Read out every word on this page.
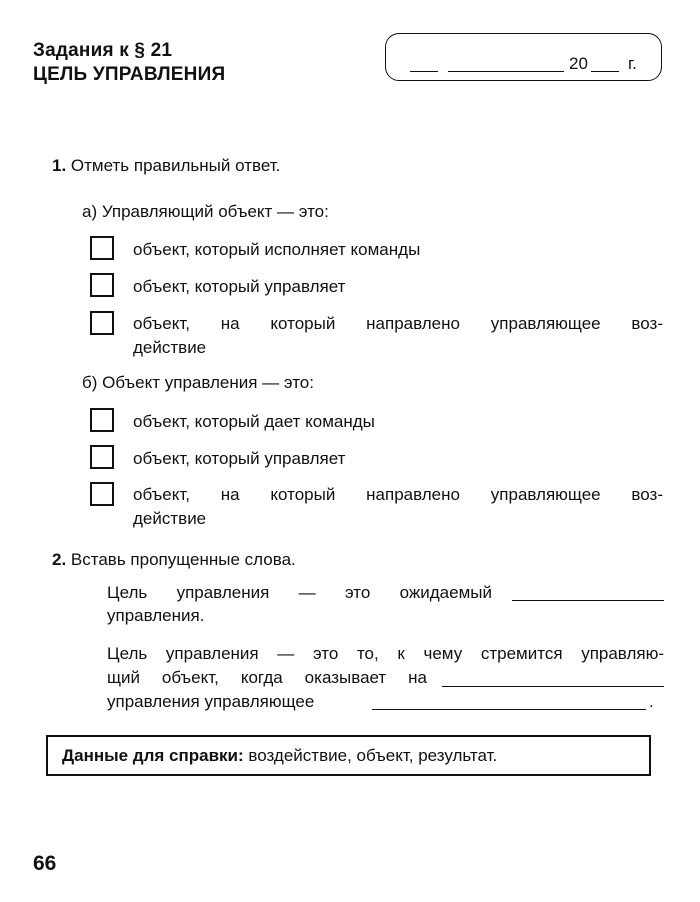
Задания к § 21
ЦЕЛЬ УПРАВЛЕНИЯ
20 г.
1. Отметь правильный ответ.
а) Управляющий объект — это:
объект, который исполняет команды
объект, который управляет
объект, на который направлено управляющее воз-
действие
б) Объект управления — это:
объект, который дает команды
объект, который управляет
объект, на который направлено управляющее воз-
действие
2. Вставь пропущенные слова.
Цель управления — это ожидаемый
управления.
Цель управления — это то, к чему стремится управляю-
щий объект, когда оказывает на
управления управляющее	.
Данные для справки: воздействие, объект, результат.
66
